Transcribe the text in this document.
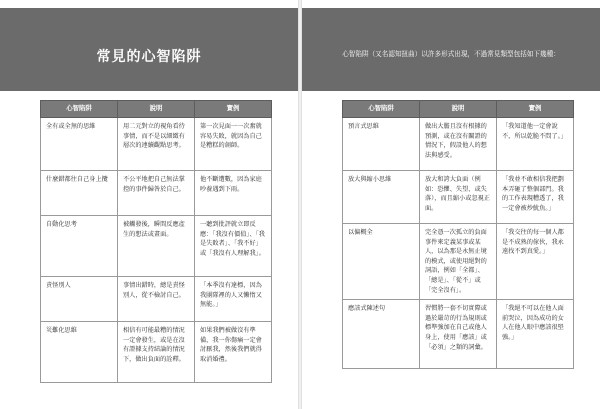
常見的心智陷阱
心智陷阱	說明	實例
全有或全無的思維	用二元對立的視角看待事情，而不是以細緻有層次的連續觀點思考。	第一次見面一一次奮就容易失敗，就因為自己是糟糕的創師。
什麼錯都往自己身上攬	不公平地把自己無法掌控的事件歸咎於自己。	他不斷遭數，因為家庭吵養遇到下雨。
自動化思考	被觸發後，瞬間反應產生的想法或畫面。	一聽到批評就立即反應：「我沒有價值」、「我是失敗者」、「我不好」或「我沒有人理解我」。
責怪別人	事情出錯時，總是責怪別人，從不檢討自己。	「本季沒有達標，因為我團隊裡的人又懶惰又無能。」
災難化思維	相信有可能最糟的情況一定會發生，或是在沒有證據支持結論的情況下，做出負面的詮釋。	如果我們被做沒有準備，我一你傷痛一定會討厭我，然後我們就得取消婚禮。
心智陷阱（又名認知扭曲）以許多形式出現，不過常見類型包括如下幾種：
心智陷阱	說明	實例
預言式思維	做出大膽且沒有根據的預測，或在沒有關證的情況下，假設他人的想法與感受。	「我知道他一定會說不，所以乾脆不問了。」
放大與縮小思維	放大和誇大負面（例如：恐懼、失望、或失落），而且縮小或忽視正面。	「我並不敢相信我把劃本弄砸了整個部門。我的工作表現糟透了，我一定會被炒魷魚。」
以偏概全	完全憑一次孤立的負面事件來定義某事或某人，以為那是永無止境的模式，或使用絕對的詞語，例如「全都」、「總是」、「從不」或「完全沒有」。	「我交往的每一個人都是不成熟的傢伙，我永遠找不到真愛。」
應該式陳述句	習慣將一套不切實際或過於嚴苛的行為規則或標準強加在自己或他人身上，使用「應該」或「必須」之類的詞彙。	「我絕不可以在他人面前哭泣，因為成功的女人在他人眼中應該很堅強。」
